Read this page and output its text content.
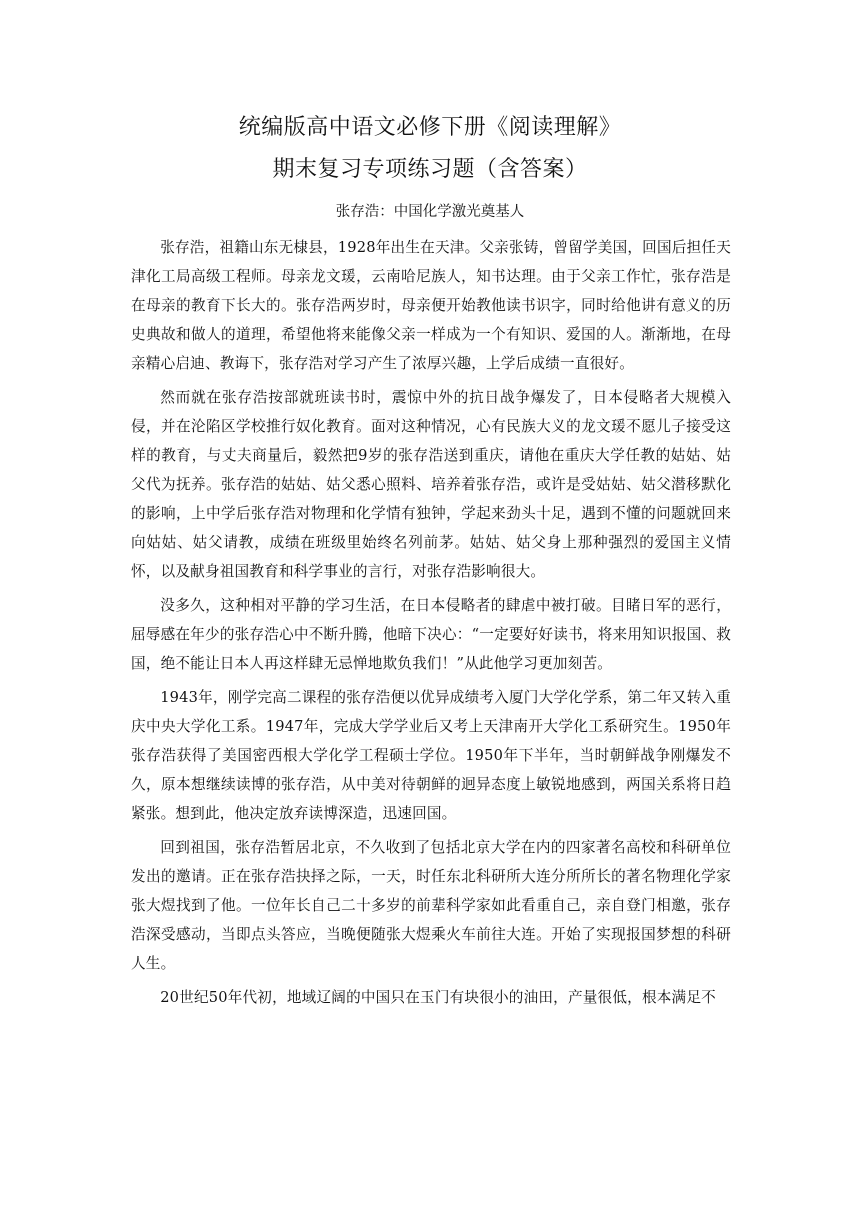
统编版高中语文必修下册《阅读理解》
期末复习专项练习题（含答案）
张存浩：中国化学激光奠基人

张存浩，祖籍山东无棣县，1928年出生在天津。父亲张铸，曾留学美国，回国后担任天津化工局高级工程师。母亲龙文瑗，云南哈尼族人，知书达理。由于父亲工作忙，张存浩是在母亲的教育下长大的。张存浩两岁时，母亲便开始教他读书识字，同时给他讲有意义的历史典故和做人的道理，希望他将来能像父亲一样成为一个有知识、爱国的人。渐渐地，在母亲精心启迪、教诲下，张存浩对学习产生了浓厚兴趣，上学后成绩一直很好。

然而就在张存浩按部就班读书时，震惊中外的抗日战争爆发了，日本侵略者大规模入侵，并在沦陷区学校推行奴化教育。面对这种情况，心有民族大义的龙文瑗不愿儿子接受这样的教育，与丈夫商量后，毅然把9岁的张存浩送到重庆，请他在重庆大学任教的姑姑、姑父代为抚养。张存浩的姑姑、姑父悉心照料、培养着张存浩，或许是受姑姑、姑父潜移默化的影响，上中学后张存浩对物理和化学情有独钟，学起来劲头十足，遇到不懂的问题就回来向姑姑、姑父请教，成绩在班级里始终名列前茅。姑姑、姑父身上那种强烈的爱国主义情怀，以及献身祖国教育和科学事业的言行，对张存浩影响很大。

没多久，这种相对平静的学习生活，在日本侵略者的肆虐中被打破。目睹日军的恶行，屈辱感在年少的张存浩心中不断升腾，他暗下决心：“一定要好好读书，将来用知识报国、救国，绝不能让日本人再这样肆无忌惮地欺负我们！”从此他学习更加刻苦。

1943年，刚学完高二课程的张存浩便以优异成绩考入厦门大学化学系，第二年又转入重庆中央大学化工系。1947年，完成大学学业后又考上天津南开大学化工系研究生。1950年张存浩获得了美国密西根大学化学工程硕士学位。1950年下半年，当时朝鲜战争刚爆发不久，原本想继续读博的张存浩，从中美对待朝鲜的迥异态度上敏锐地感到，两国关系将日趋紧张。想到此，他决定放弃读博深造，迅速回国。

回到祖国，张存浩暂居北京，不久收到了包括北京大学在内的四家著名高校和科研单位发出的邀请。正在张存浩抉择之际，一天，时任东北科研所大连分所所长的著名物理化学家张大煜找到了他。一位年长自己二十多岁的前辈科学家如此看重自己，亲自登门相邀，张存浩深受感动，当即点头答应，当晚便随张大煜乘火车前往大连。开始了实现报国梦想的科研人生。

20世纪50年代初，地域辽阔的中国只在玉门有块很小的油田，产量很低，根本满足不
